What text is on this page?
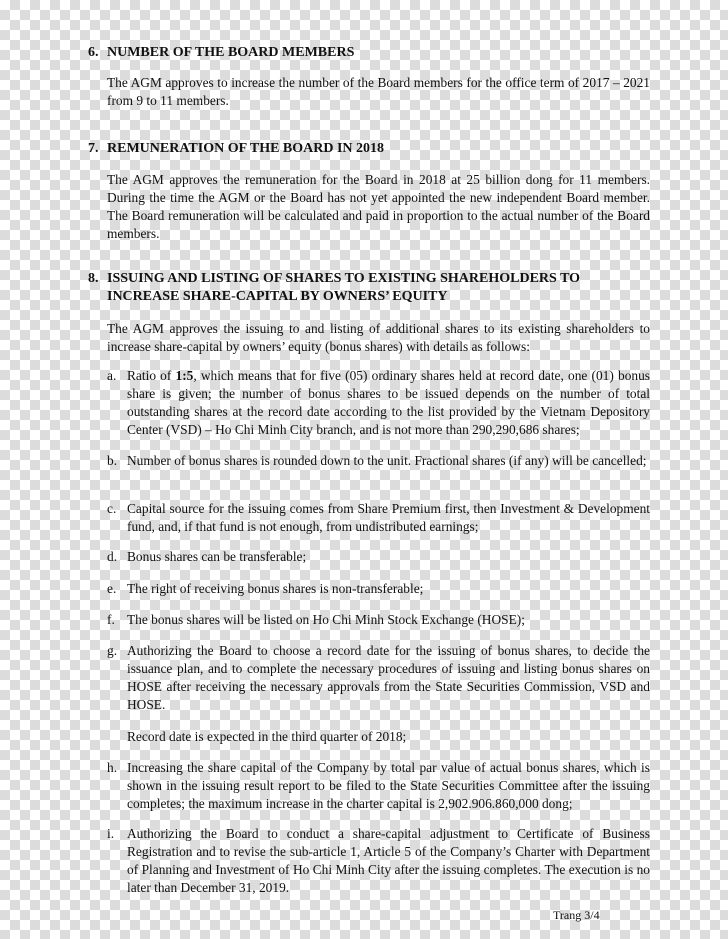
6. NUMBER OF THE BOARD MEMBERS
The AGM approves to increase the number of the Board members for the office term of 2017 – 2021 from 9 to 11 members.
7. REMUNERATION OF THE BOARD IN 2018
The AGM approves the remuneration for the Board in 2018 at 25 billion dong for 11 members. During the time the AGM or the Board has not yet appointed the new independent Board member. The Board remuneration will be calculated and paid in proportion to the actual number of the Board members.
8. ISSUING AND LISTING OF SHARES TO EXISTING SHAREHOLDERS TO INCREASE SHARE-CAPITAL BY OWNERS’ EQUITY
The AGM approves the issuing to and listing of additional shares to its existing shareholders to increase share-capital by owners’ equity (bonus shares) with details as follows:
a. Ratio of 1:5, which means that for five (05) ordinary shares held at record date, one (01) bonus share is given; the number of bonus shares to be issued depends on the number of total outstanding shares at the record date according to the list provided by the Vietnam Depository Center (VSD) – Ho Chi Minh City branch, and is not more than 290,290,686 shares;
b. Number of bonus shares is rounded down to the unit. Fractional shares (if any) will be cancelled;
c. Capital source for the issuing comes from Share Premium first, then Investment & Development fund, and, if that fund is not enough, from undistributed earnings;
d. Bonus shares can be transferable;
e. The right of receiving bonus shares is non-transferable;
f. The bonus shares will be listed on Ho Chi Minh Stock Exchange (HOSE);
g. Authorizing the Board to choose a record date for the issuing of bonus shares, to decide the issuance plan, and to complete the necessary procedures of issuing and listing bonus shares on HOSE after receiving the necessary approvals from the State Securities Commission, VSD and HOSE.
Record date is expected in the third quarter of 2018;
h. Increasing the share capital of the Company by total par value of actual bonus shares, which is shown in the issuing result report to be filed to the State Securities Committee after the issuing completes; the maximum increase in the charter capital is 2,902.906.860,000 dong;
i. Authorizing the Board to conduct a share-capital adjustment to Certificate of Business Registration and to revise the sub-article 1, Article 5 of the Company’s Charter with Department of Planning and Investment of Ho Chi Minh City after the issuing completes. The execution is no later than December 31, 2019.
Trang 3/4
